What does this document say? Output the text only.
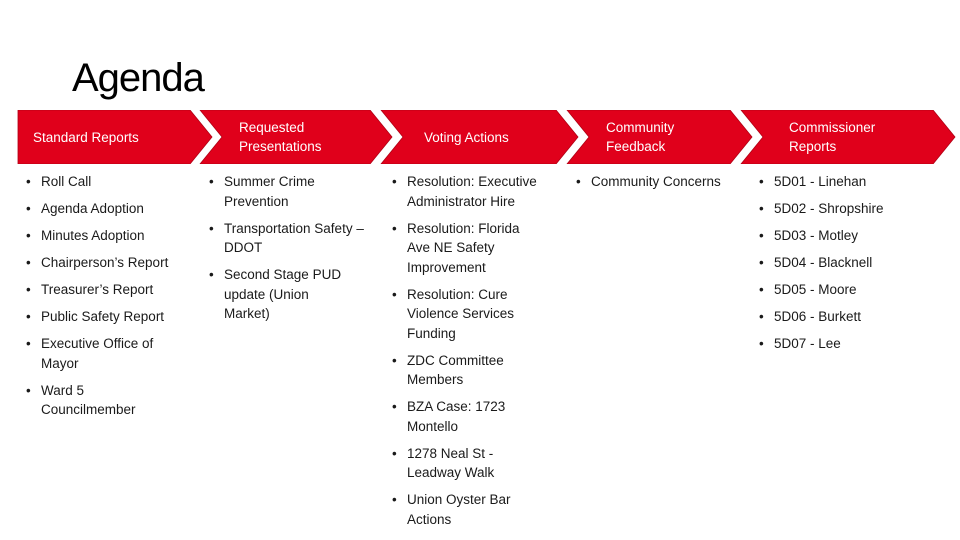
Agenda
Standard Reports
Requested
Presentations
Voting Actions
Community
Feedback
Commissioner
Reports
• Roll Call
• Agenda Adoption
• Minutes Adoption
• Chairperson’s Report
• Treasurer’s Report
• Public Safety Report
• Executive Office of Mayor
• Ward 5 Councilmember
• Summer Crime Prevention
• Transportation Safety – DDOT
• Second Stage PUD update (Union Market)
• Resolution: Executive Administrator Hire
• Resolution: Florida Ave NE Safety Improvement
• Resolution: Cure Violence Services Funding
• ZDC Committee Members
• BZA Case: 1723 Montello
• 1278 Neal St - Leadway Walk
• Union Oyster Bar Actions
• Community Concerns
•	5D01 - Linehan
• 5D02 - Shropshire
• 5D03 - Motley
• 5D04 - Blacknell
• 5D05 - Moore
• 5D06 - Burkett
• 5D07 - Lee
